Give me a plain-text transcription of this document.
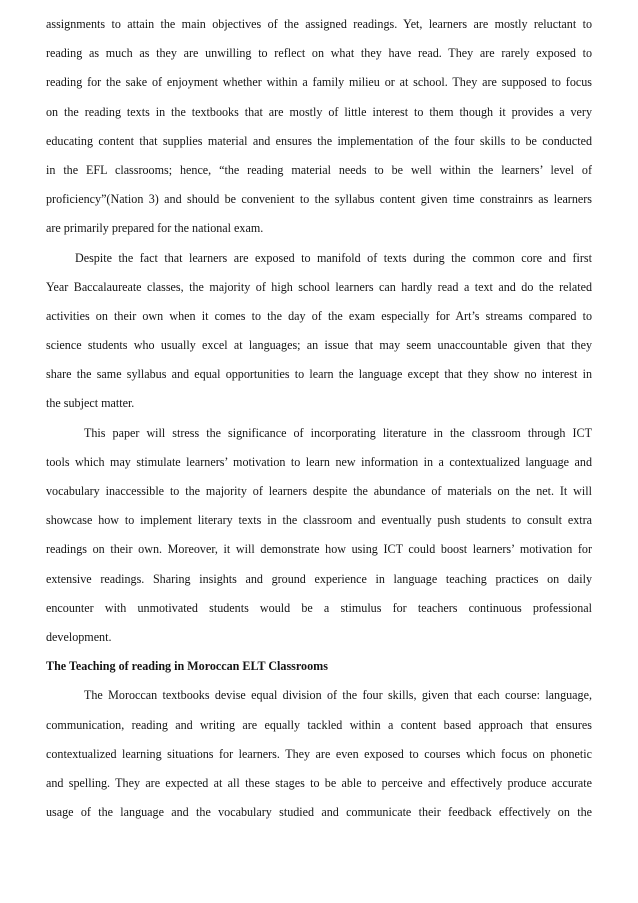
assignments to attain the main objectives of the assigned readings. Yet, learners are mostly reluctant to
reading as much as they are unwilling to reflect on what they have read. They are rarely exposed to
reading for the sake of enjoyment whether within a family milieu or at school. They are supposed to focus
on the reading texts in the textbooks that are mostly of little interest to them though it provides a very
educating content that supplies material and ensures the implementation of the four skills to be conducted
in the EFL classrooms; hence, “the reading material needs to be well within the learners’ level of
proficiency”(Nation 3) and should be convenient to the syllabus content given time constrainrs as learners
are primarily prepared for the national exam.
Despite the fact that learners are exposed to manifold of texts during the common core and first
Year Baccalaureate classes, the majority of high school learners can hardly read a text and do the related
activities on their own when it comes to the day of the exam especially for Art’s streams compared to
science students who usually excel at languages; an issue that may seem unaccountable given that they
share the same syllabus and equal opportunities to learn the language except that they show no interest in
the subject matter.
This paper will stress the significance of incorporating literature in the classroom through ICT
tools which may stimulate learners’ motivation to learn new information in a contextualized language and
vocabulary inaccessible to the majority of learners despite the abundance of materials on the net. It will
showcase how to implement literary texts in the classroom and eventually push students to consult extra
readings on their own. Moreover, it will demonstrate how using ICT could boost learners’ motivation for
extensive readings. Sharing insights and ground experience in language teaching practices on daily
encounter with unmotivated students would be a stimulus for teachers continuous professional
development.
The Teaching of reading in Moroccan ELT Classrooms
The Moroccan textbooks devise equal division of the four skills, given that each course: language,
communication, reading and writing are equally tackled within a content based approach that ensures
contextualized learning situations for learners. They are even exposed to courses which focus on phonetic
and spelling. They are expected at all these stages to be able to perceive and effectively produce accurate
usage of the language and the vocabulary studied and communicate their feedback effectively on the
